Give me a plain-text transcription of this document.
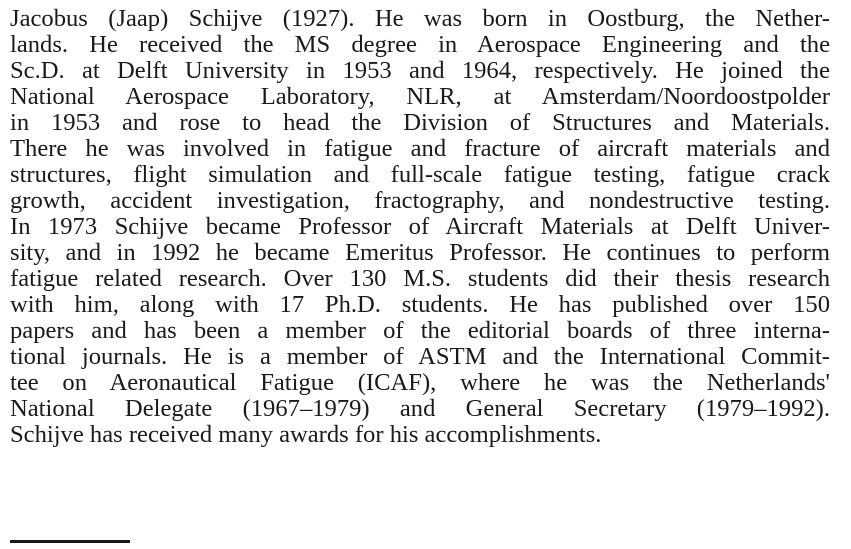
Jacobus (Jaap) Schijve (1927). He was born in Oostburg, the Nether-
lands. He received the MS degree in Aerospace Engineering and the
Sc.D. at Delft University in 1953 and 1964, respectively. He joined the
National Aerospace Laboratory, NLR, at Amsterdam/Noordoostpolder
in 1953 and rose to head the Division of Structures and Materials.
There he was involved in fatigue and fracture of aircraft materials and
structures, flight simulation and full-scale fatigue testing, fatigue crack
growth, accident investigation, fractography, and nondestructive testing.
In 1973 Schijve became Professor of Aircraft Materials at Delft Univer-
sity, and in 1992 he became Emeritus Professor. He continues to perform
fatigue related research. Over 130 M.S. students did their thesis research
with him, along with 17 Ph.D. students. He has published over 150
papers and has been a member of the editorial boards of three interna-
tional journals. He is a member of ASTM and the International Commit-
tee on Aeronautical Fatigue (ICAF), where he was the Netherlands'
National Delegate (1967–1979) and General Secretary (1979–1992).
Schijve has received many awards for his accomplishments.
